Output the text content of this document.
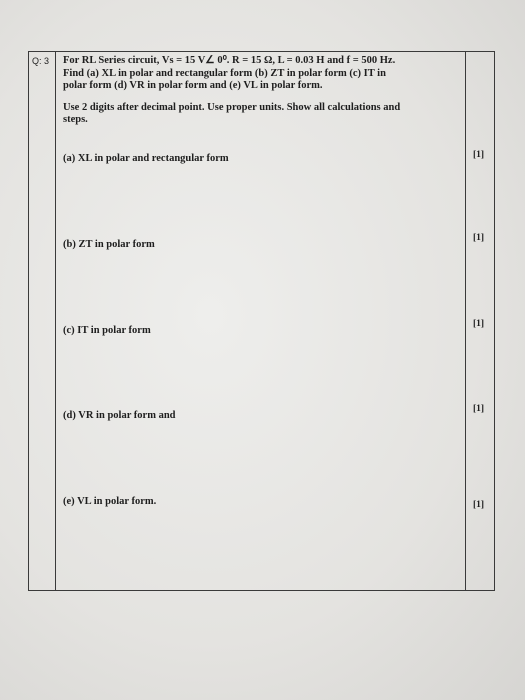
Q: 3 For RL Series circuit, Vs = 15 V∠ 0⁰. R = 15 Ω, L = 0.03 H and f = 500 Hz.

Find (a) XL in polar and rectangular form (b) ZT in polar form (c) IT in

polar form (d) VR in polar form and (e) VL in polar form.

Use 2 digits after decimal point. Use proper units. Show all calculations and

steps.

(a) XL in polar and rectangular form	[1]
(b) ZT in polar form
[1]
(c) IT in polar form
[1]
(d) VR in polar form and
[1]
(e) VL in polar form.	[1]
